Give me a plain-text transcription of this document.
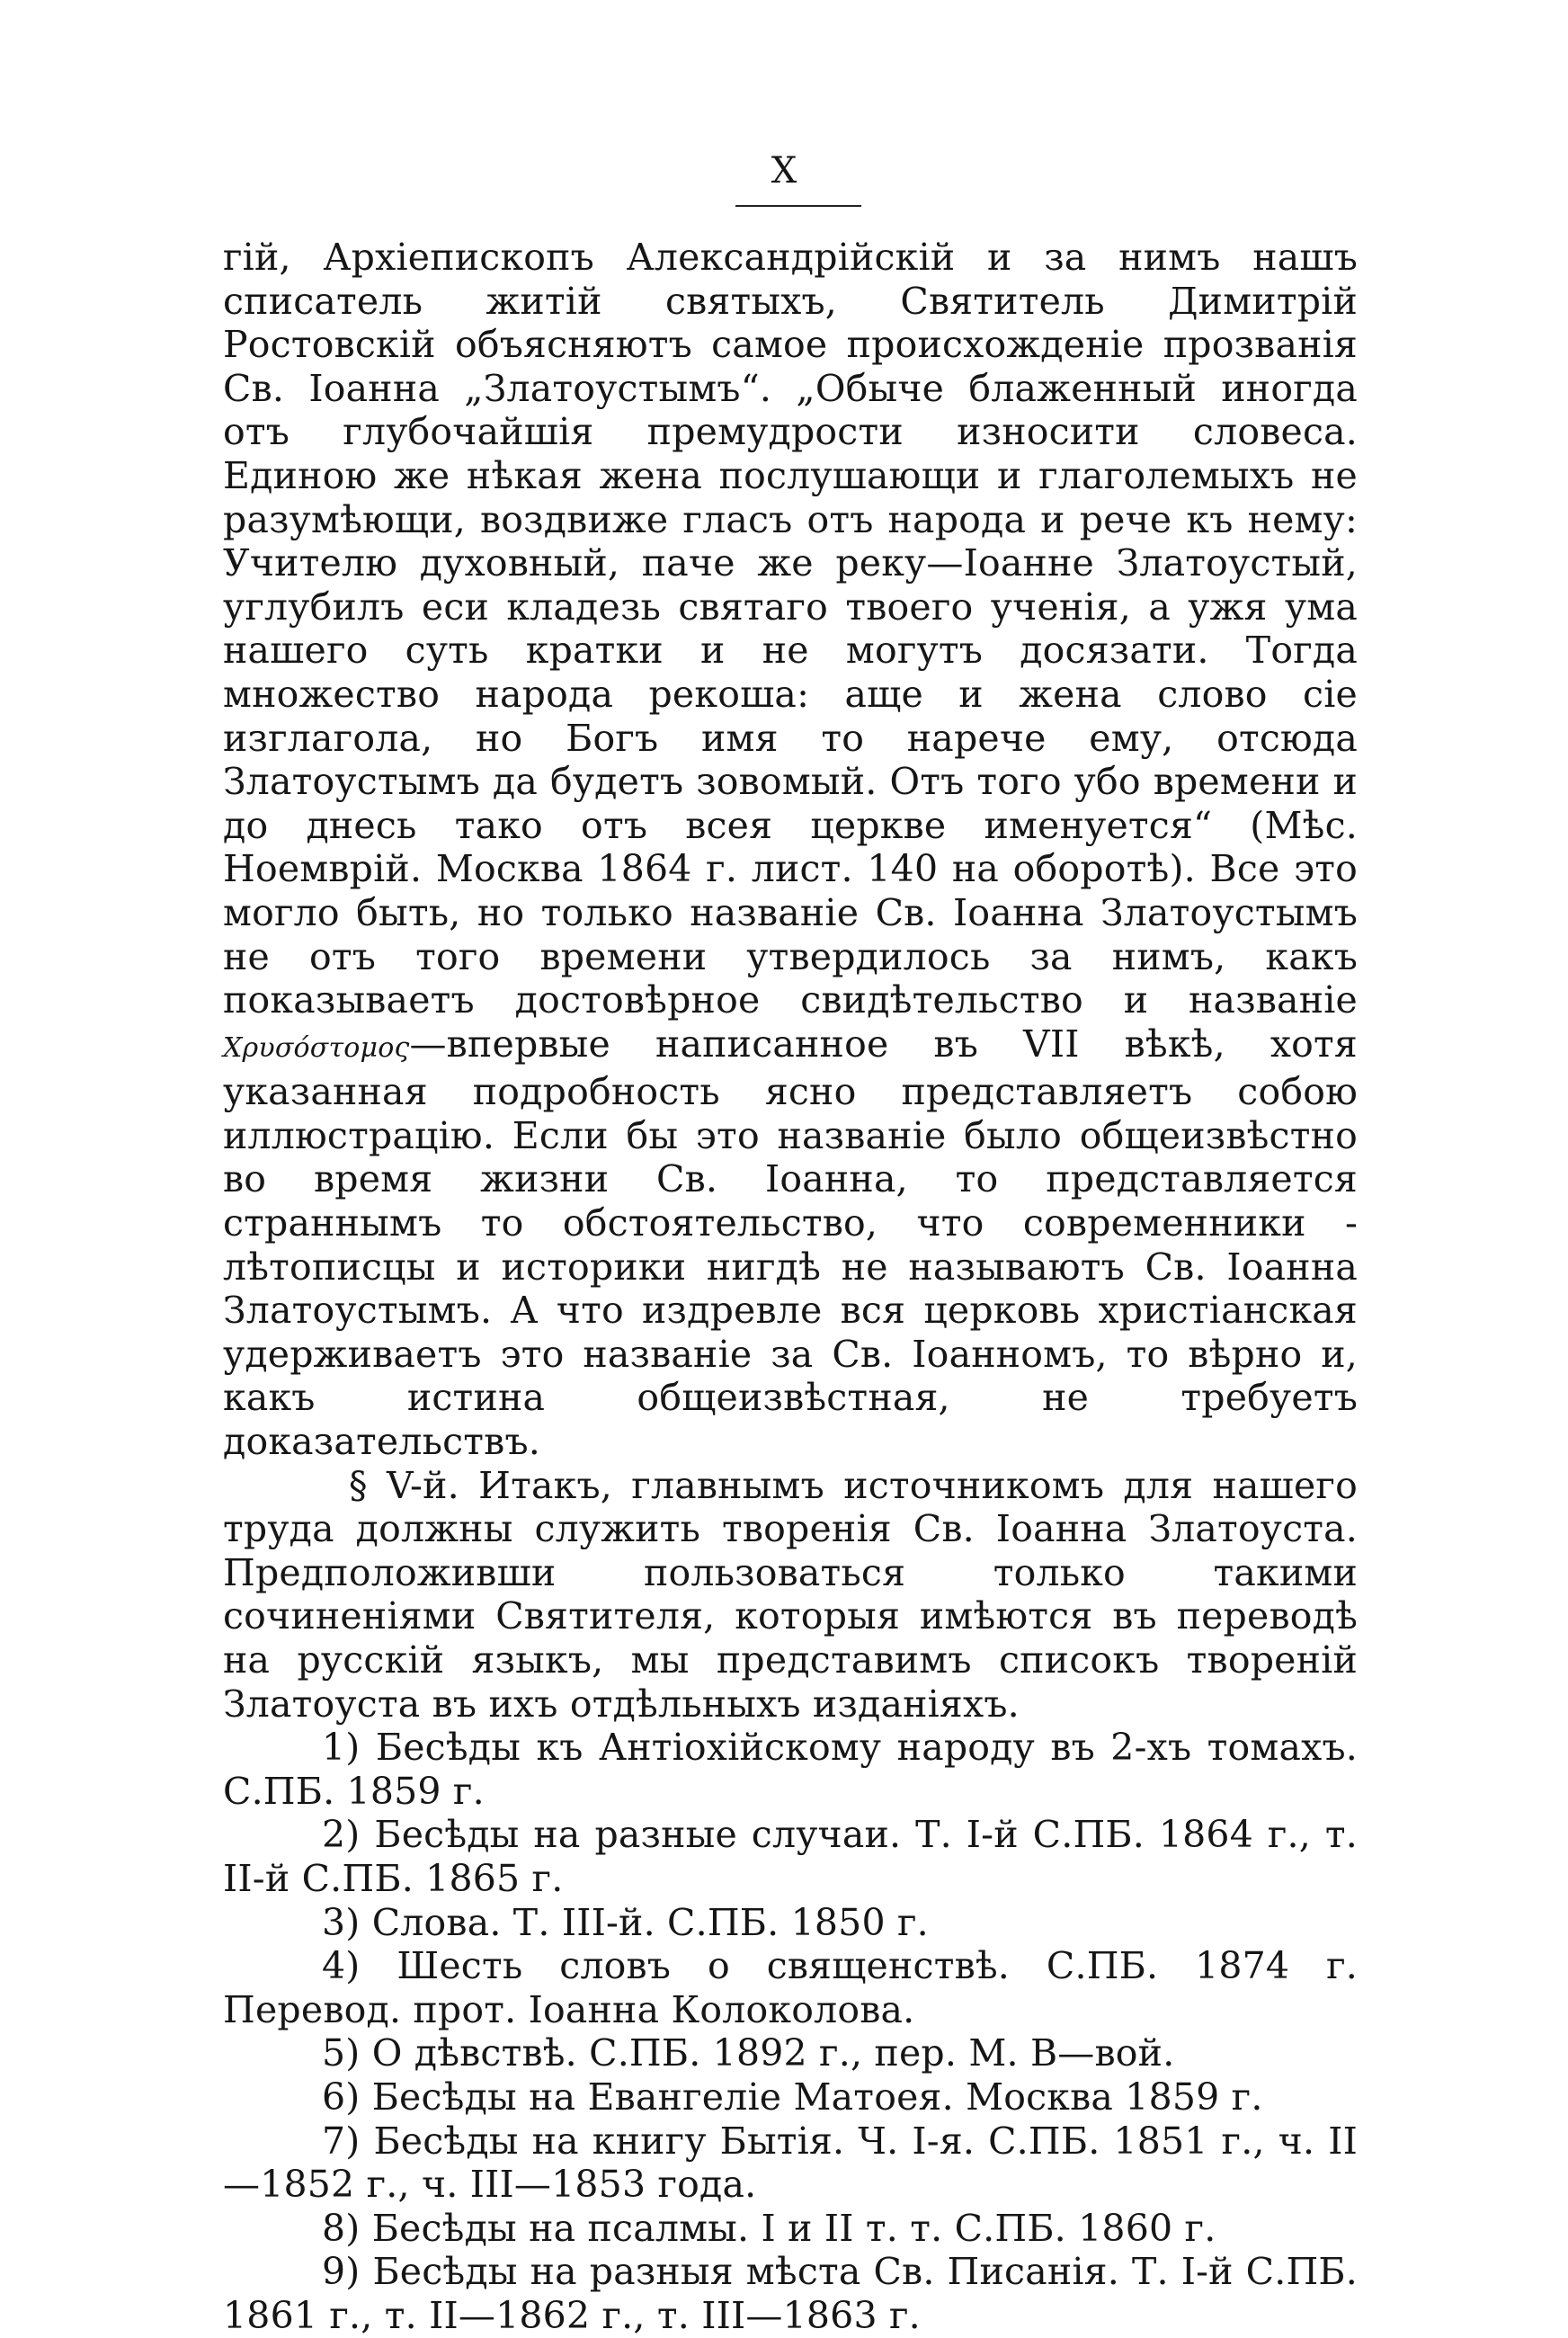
X

гій, Архіепископъ Александрійскій и за нимъ нашъ списатель житій святыхъ, Святитель Димитрій Ростовскій объясняютъ самое происхожденіе прозванія Св. Іоанна „Златоустымъ“. „Обыче блаженный иногда отъ глубочайшія премудрости износити словеса. Единою же нѣкая жена послушающи и глаголемыхъ не разумѣющи, воздвиже гласъ отъ народа и рече къ нему: Учителю духовный, паче же реку—Іоанне Златоустый, углубилъ еси кладезь святаго твоего ученія, а ужя ума нашего суть кратки и не могутъ досязати. Тогда множество народа рекоша: аще и жена слово сіе изглагола, но Богъ имя то нарече ему, отсюда Златоустымъ да будетъ зовомый. Отъ того убо времени и до днесь тако отъ всея церкве именуется“ (Мѣс. Ноемврій. Москва 1864 г. лист. 140 на оборотѣ). Все это могло быть, но только названіе Св. Іоанна Златоустымъ не отъ того времени утвердилось за нимъ, какъ показываетъ достовѣрное свидѣтельство и названіе Χρυσόστομος—впервые написанное въ VII вѣкѣ, хотя указанная подробность ясно представляетъ собою иллюстрацію. Если бы это названіе было общеизвѣстно во время жизни Св. Іоанна, то представляется страннымъ то обстоятельство, что современники - лѣтописцы и историки нигдѣ не называютъ Св. Іоанна Златоустымъ. А что издревле вся церковь христіанская удерживаетъ это названіе за Св. Іоанномъ, то вѣрно и, какъ истина общеизвѣстная, не требуетъ доказательствъ.

§ V-й. Итакъ, главнымъ источникомъ для нашего труда должны служить творенія Св. Іоанна Златоуста. Предположивши пользоваться только такими сочиненіями Святителя, которыя имѣются въ переводѣ на русскій языкъ, мы представимъ списокъ твореній Златоуста въ ихъ отдѣльныхъ изданіяхъ.

1) Бесѣды къ Антіохійскому народу въ 2-хъ томахъ. С.ПБ. 1859 г.

2) Бесѣды на разные случаи. Т. I-й С.ПБ. 1864 г., т. II-й С.ПБ. 1865 г.

3) Слова. Т. III-й. С.ПБ. 1850 г.

4) Шесть словъ о священствѣ. С.ПБ. 1874 г. Перевод. прот. Іоанна Колоколова.

5) О дѣвствѣ. С.ПБ. 1892 г., пер. М. В—вой.

6) Бесѣды на Евангеліе Матоея. Москва 1859 г.

7) Бесѣды на книгу Бытія. Ч. I-я. С.ПБ. 1851 г., ч. II—1852 г., ч. III—1853 года.

8) Бесѣды на псалмы. I и II т. т. С.ПБ. 1860 г.

9) Бесѣды на разныя мѣста Св. Писанія. Т. I-й С.ПБ. 1861 г., т. II—1862 г., т. III—1863 г.
